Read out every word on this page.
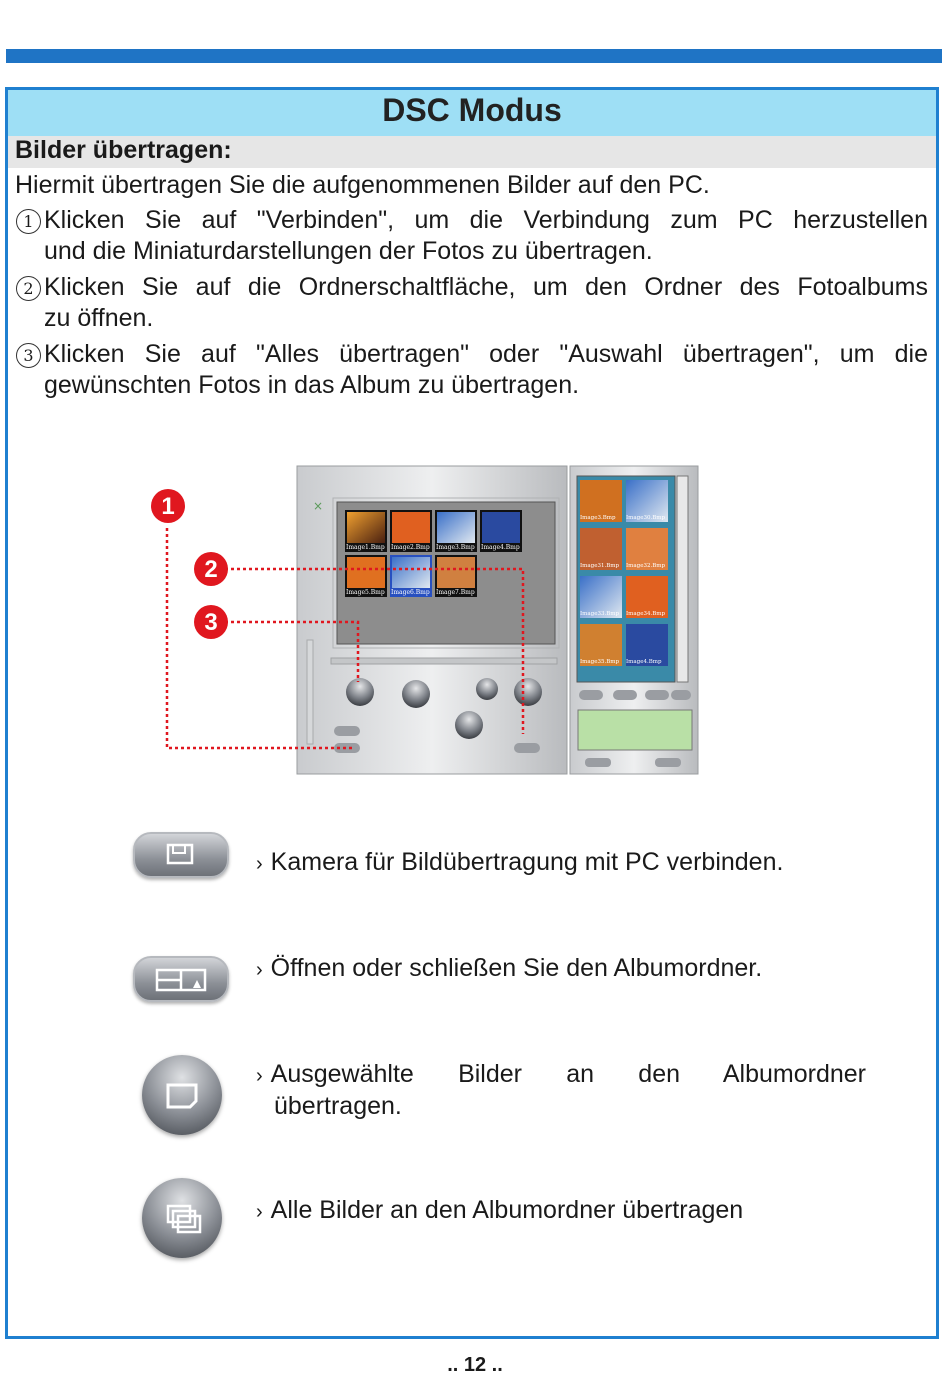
DSC Modus
Bilder übertragen:
Hiermit übertragen Sie die aufgenommenen Bilder auf den PC.
1 Klicken Sie auf "Verbinden", um die Verbindung zum PC herzustellen
und die Miniaturdarstellungen der Fotos zu übertragen.
2 Klicken Sie auf die Ordnerschaltfläche, um den Ordner des Fotoalbums
zu öffnen.
3 Klicken Sie auf "Alles übertragen" oder "Auswahl übertragen", um die
gewünschten Fotos in das Album zu übertragen.
×
Image1.Bmp Image2.Bmp Image3.Bmp Image4.Bmp
Image5.Bmp Image6.Bmp Image7.Bmp
Image3.Bmp Image30.Bmp
Image31.Bmp Image32.Bmp
Image33.Bmp Image34.Bmp
Image35.Bmp Image4.Bmp
1
2
3
› Kamera für Bildübertragung mit PC verbinden.
› Öffnen oder schließen Sie den Albumordner.
› Ausgewählte Bilder an den Albumordner
übertragen.
› Alle Bilder an den Albumordner übertragen
.. 12 ..
